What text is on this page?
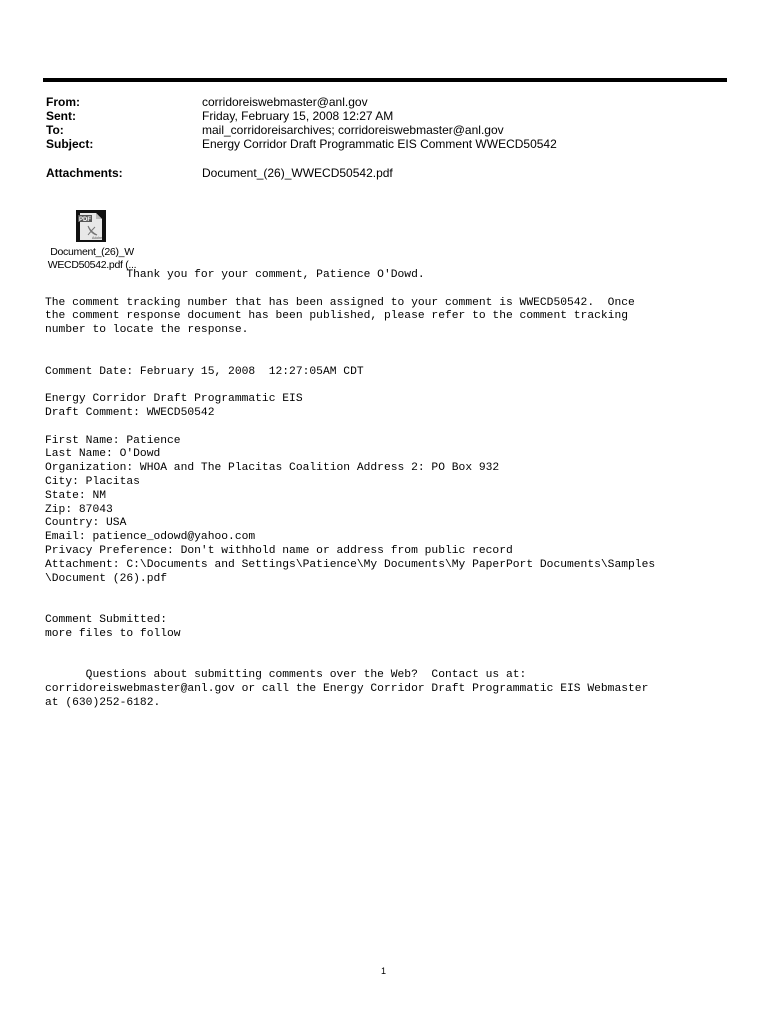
From:	corridoreiswebmaster@anl.gov
Sent:	Friday, February 15, 2008 12:27 AM
To:	mail_corridoreisarchives; corridoreiswebmaster@anl.gov
Subject:	Energy Corridor Draft Programmatic EIS Comment WWECD50542
Attachments:	Document_(26)_WWECD50542.pdf
PDF
Adobe
Document_(26)_W
WECD50542.pdf (...
Thank you for your comment, Patience O'Dowd.
The comment tracking number that has been assigned to your comment is WWECD50542.  Once
the comment response document has been published, please refer to the comment tracking
number to locate the response.
Comment Date: February 15, 2008  12:27:05AM CDT
Energy Corridor Draft Programmatic EIS
Draft Comment: WWECD50542
First Name: Patience
Last Name: O'Dowd
Organization: WHOA and The Placitas Coalition Address 2: PO Box 932
City: Placitas
State: NM
Zip: 87043
Country: USA
Email: patience_odowd@yahoo.com
Privacy Preference: Don't withhold name or address from public record
Attachment: C:\Documents and Settings\Patience\My Documents\My PaperPort Documents\Samples
\Document (26).pdf
Comment Submitted:
more files to follow
Questions about submitting comments over the Web?  Contact us at:
corridoreiswebmaster@anl.gov or call the Energy Corridor Draft Programmatic EIS Webmaster
at (630)252-6182.
1
